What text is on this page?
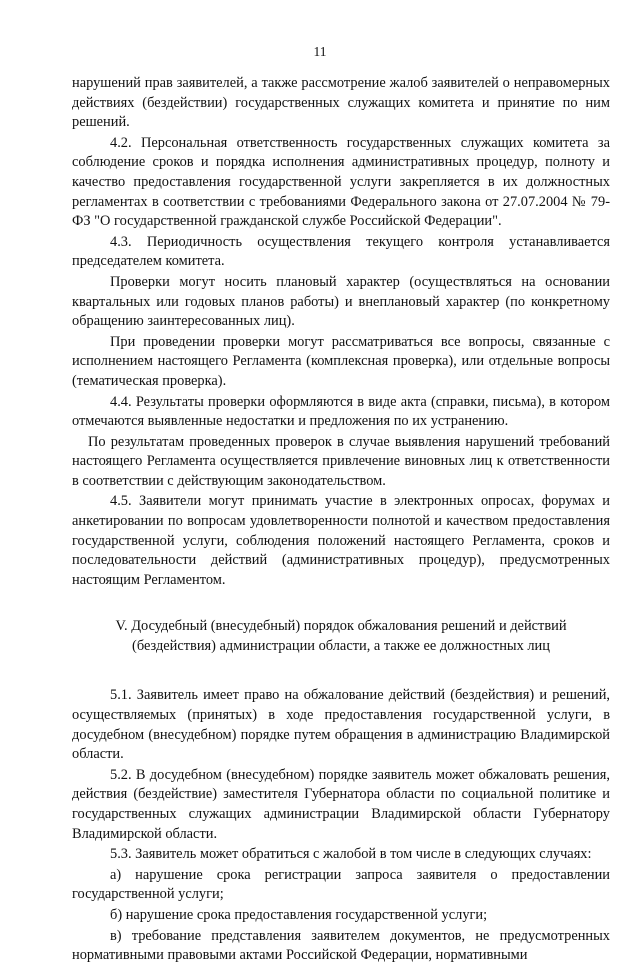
11

нарушений прав заявителей, а также рассмотрение жалоб заявителей о неправомерных действиях (бездействии) государственных служащих комитета и принятие по ним решений.

4.2. Персональная ответственность государственных служащих комитета за соблюдение сроков и порядка исполнения административных процедур, полноту и качество предоставления государственной услуги закрепляется в их должностных регламентах в соответствии с требованиями Федерального закона от 27.07.2004 № 79-ФЗ "О государственной гражданской службе Российской Федерации".

4.3. Периодичность осуществления текущего контроля устанавливается председателем комитета.

Проверки могут носить плановый характер (осуществляться на основании квартальных или годовых планов работы) и внеплановый характер (по конкретному обращению заинтересованных лиц).

При проведении проверки могут рассматриваться все вопросы, связанные с исполнением настоящего Регламента (комплексная проверка), или отдельные вопросы (тематическая проверка).

4.4. Результаты проверки оформляются в виде акта (справки, письма), в котором отмечаются выявленные недостатки и предложения по их устранению.

По результатам проведенных проверок в случае выявления нарушений требований настоящего Регламента осуществляется привлечение виновных лиц к ответственности в соответствии с действующим законодательством.

4.5. Заявители могут принимать участие в электронных опросах, форумах и анкетировании по вопросам удовлетворенности полнотой и качеством предоставления государственной услуги, соблюдения положений настоящего Регламента, сроков и последовательности действий (административных процедур), предусмотренных настоящим Регламентом.

V. Досудебный (внесудебный) порядок обжалования решений и действий
(бездействия) администрации области, а также ее должностных лиц

5.1. Заявитель имеет право на обжалование действий (бездействия) и решений, осуществляемых (принятых) в ходе предоставления государственной услуги, в досудебном (внесудебном) порядке путем обращения в администрацию Владимирской области.

5.2. В досудебном (внесудебном) порядке заявитель может обжаловать решения, действия (бездействие) заместителя Губернатора области по социальной политике и государственных служащих администрации Владимирской области Губернатору Владимирской области.

5.3. Заявитель может обратиться с жалобой в том числе в следующих случаях:

а) нарушение срока регистрации запроса заявителя о предоставлении государственной услуги;

б) нарушение срока предоставления государственной услуги;

в) требование представления заявителем документов, не предусмотренных нормативными правовыми актами Российской Федерации, нормативными
